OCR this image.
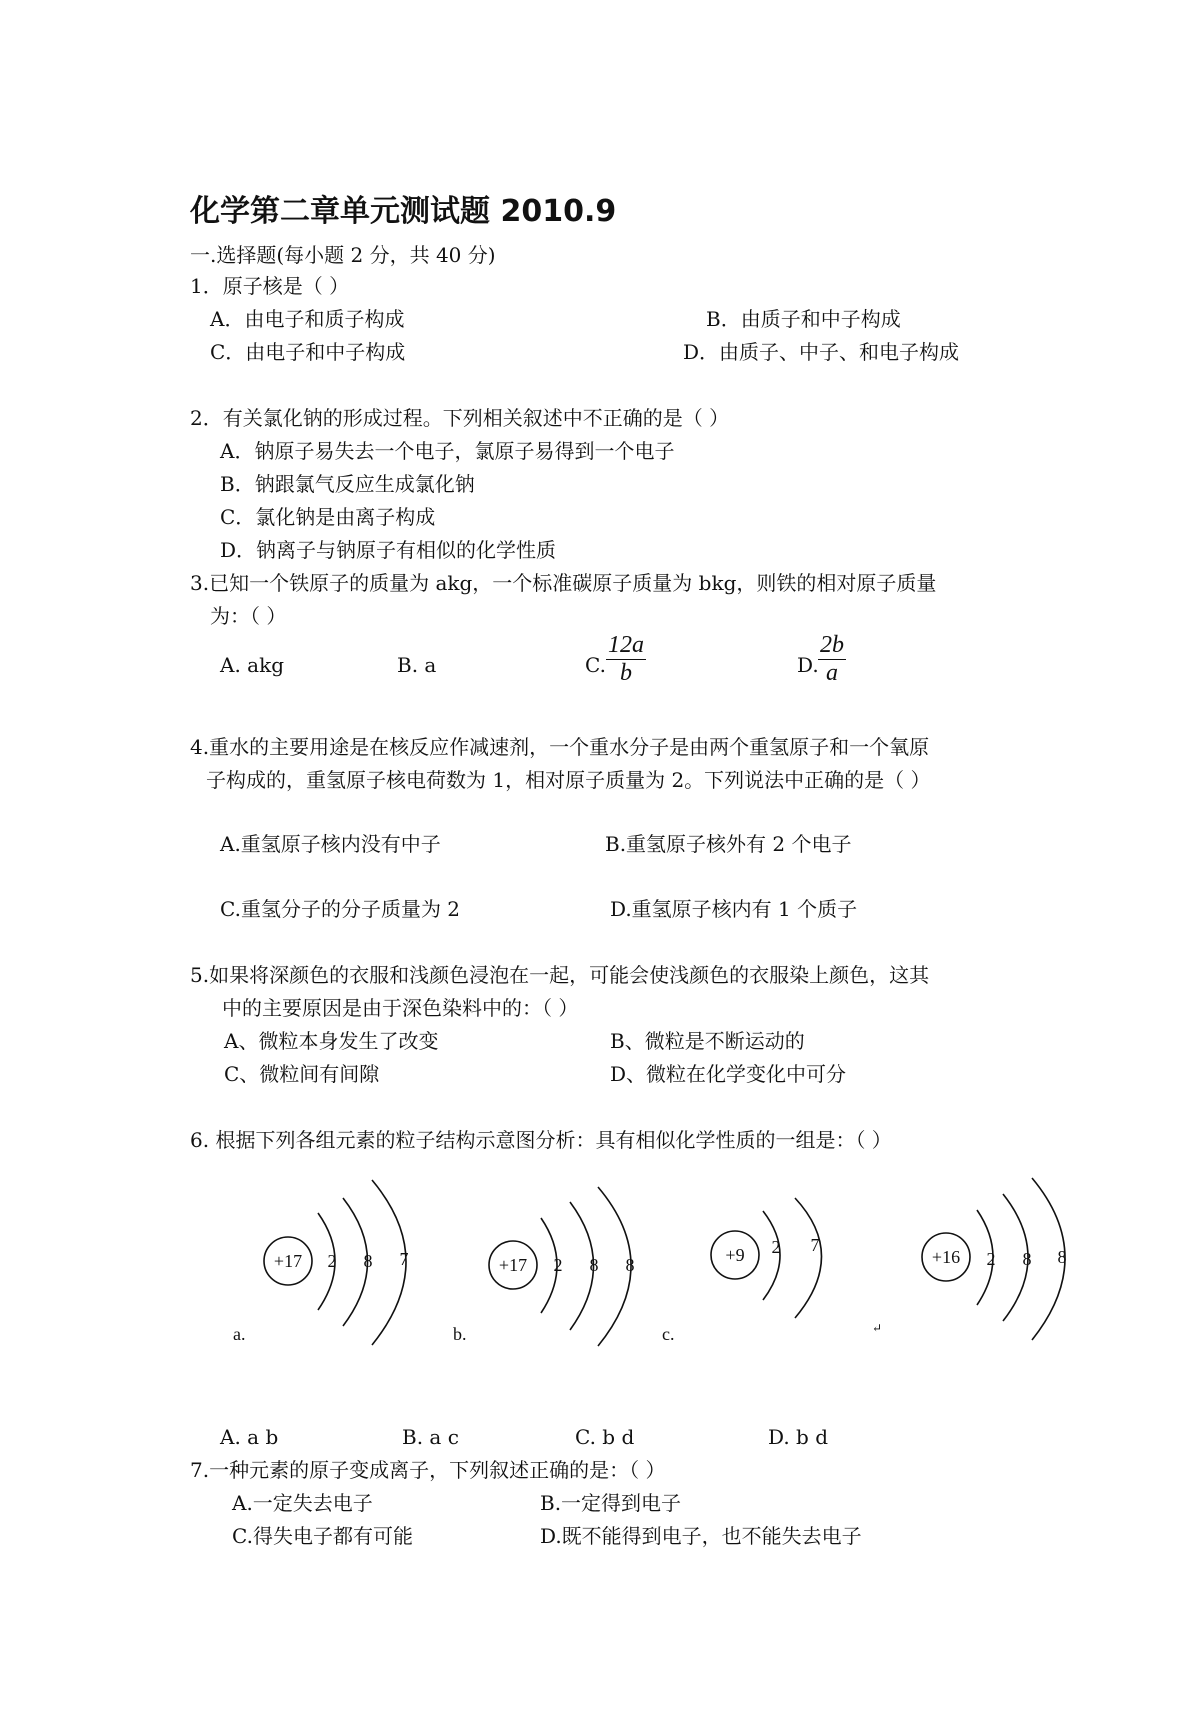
化学第二章单元测试题 2010.9
一.选择题(每小题 2 分，共 40 分)
1．原子核是（ ）
A．由电子和质子构成	B．由质子和中子构成
C．由电子和中子构成	D．由质子、中子、和电子构成
2．有关氯化钠的形成过程。下列相关叙述中不正确的是（ ）
A．钠原子易失去一个电子，氯原子易得到一个电子
B．钠跟氯气反应生成氯化钠
C．氯化钠是由离子构成
D．钠离子与钠原子有相似的化学性质
3.已知一个铁原子的质量为 akg，一个标准碳原子质量为 bkg，则铁的相对原子质量
为：（ ）
A. akg	B. a	C. $\frac{12a}{b}$	D. $\frac{2b}{a}$
4.重水的主要用途是在核反应作减速剂，一个重水分子是由两个重氢原子和一个氧原
子构成的，重氢原子核电荷数为 1，相对原子质量为 2。下列说法中正确的是（ ）
A.重氢原子核内没有中子	B.重氢原子核外有 2 个电子
C.重氢分子的分子质量为 2	D.重氢原子核内有 1 个质子
5.如果将深颜色的衣服和浅颜色浸泡在一起，可能会使浅颜色的衣服染上颜色，这其
中的主要原因是由于深色染料中的：（ ）
A、微粒本身发生了改变	B、微粒是不断运动的
C、微粒间有间隙	D、微粒在化学变化中可分
6. 根据下列各组元素的粒子结构示意图分析：具有相似化学性质的一组是：（ ）
+17 2 8 7	+17 2 8 8	+9 2 7
+16 2 8 8
a.	b.	c.	↵
A. a b	B. a c	C. b d	D. b d
7.一种元素的原子变成离子，下列叙述正确的是：（ ）
A.一定失去电子	B.一定得到电子
C.得失电子都有可能	D.既不能得到电子，也不能失去电子
